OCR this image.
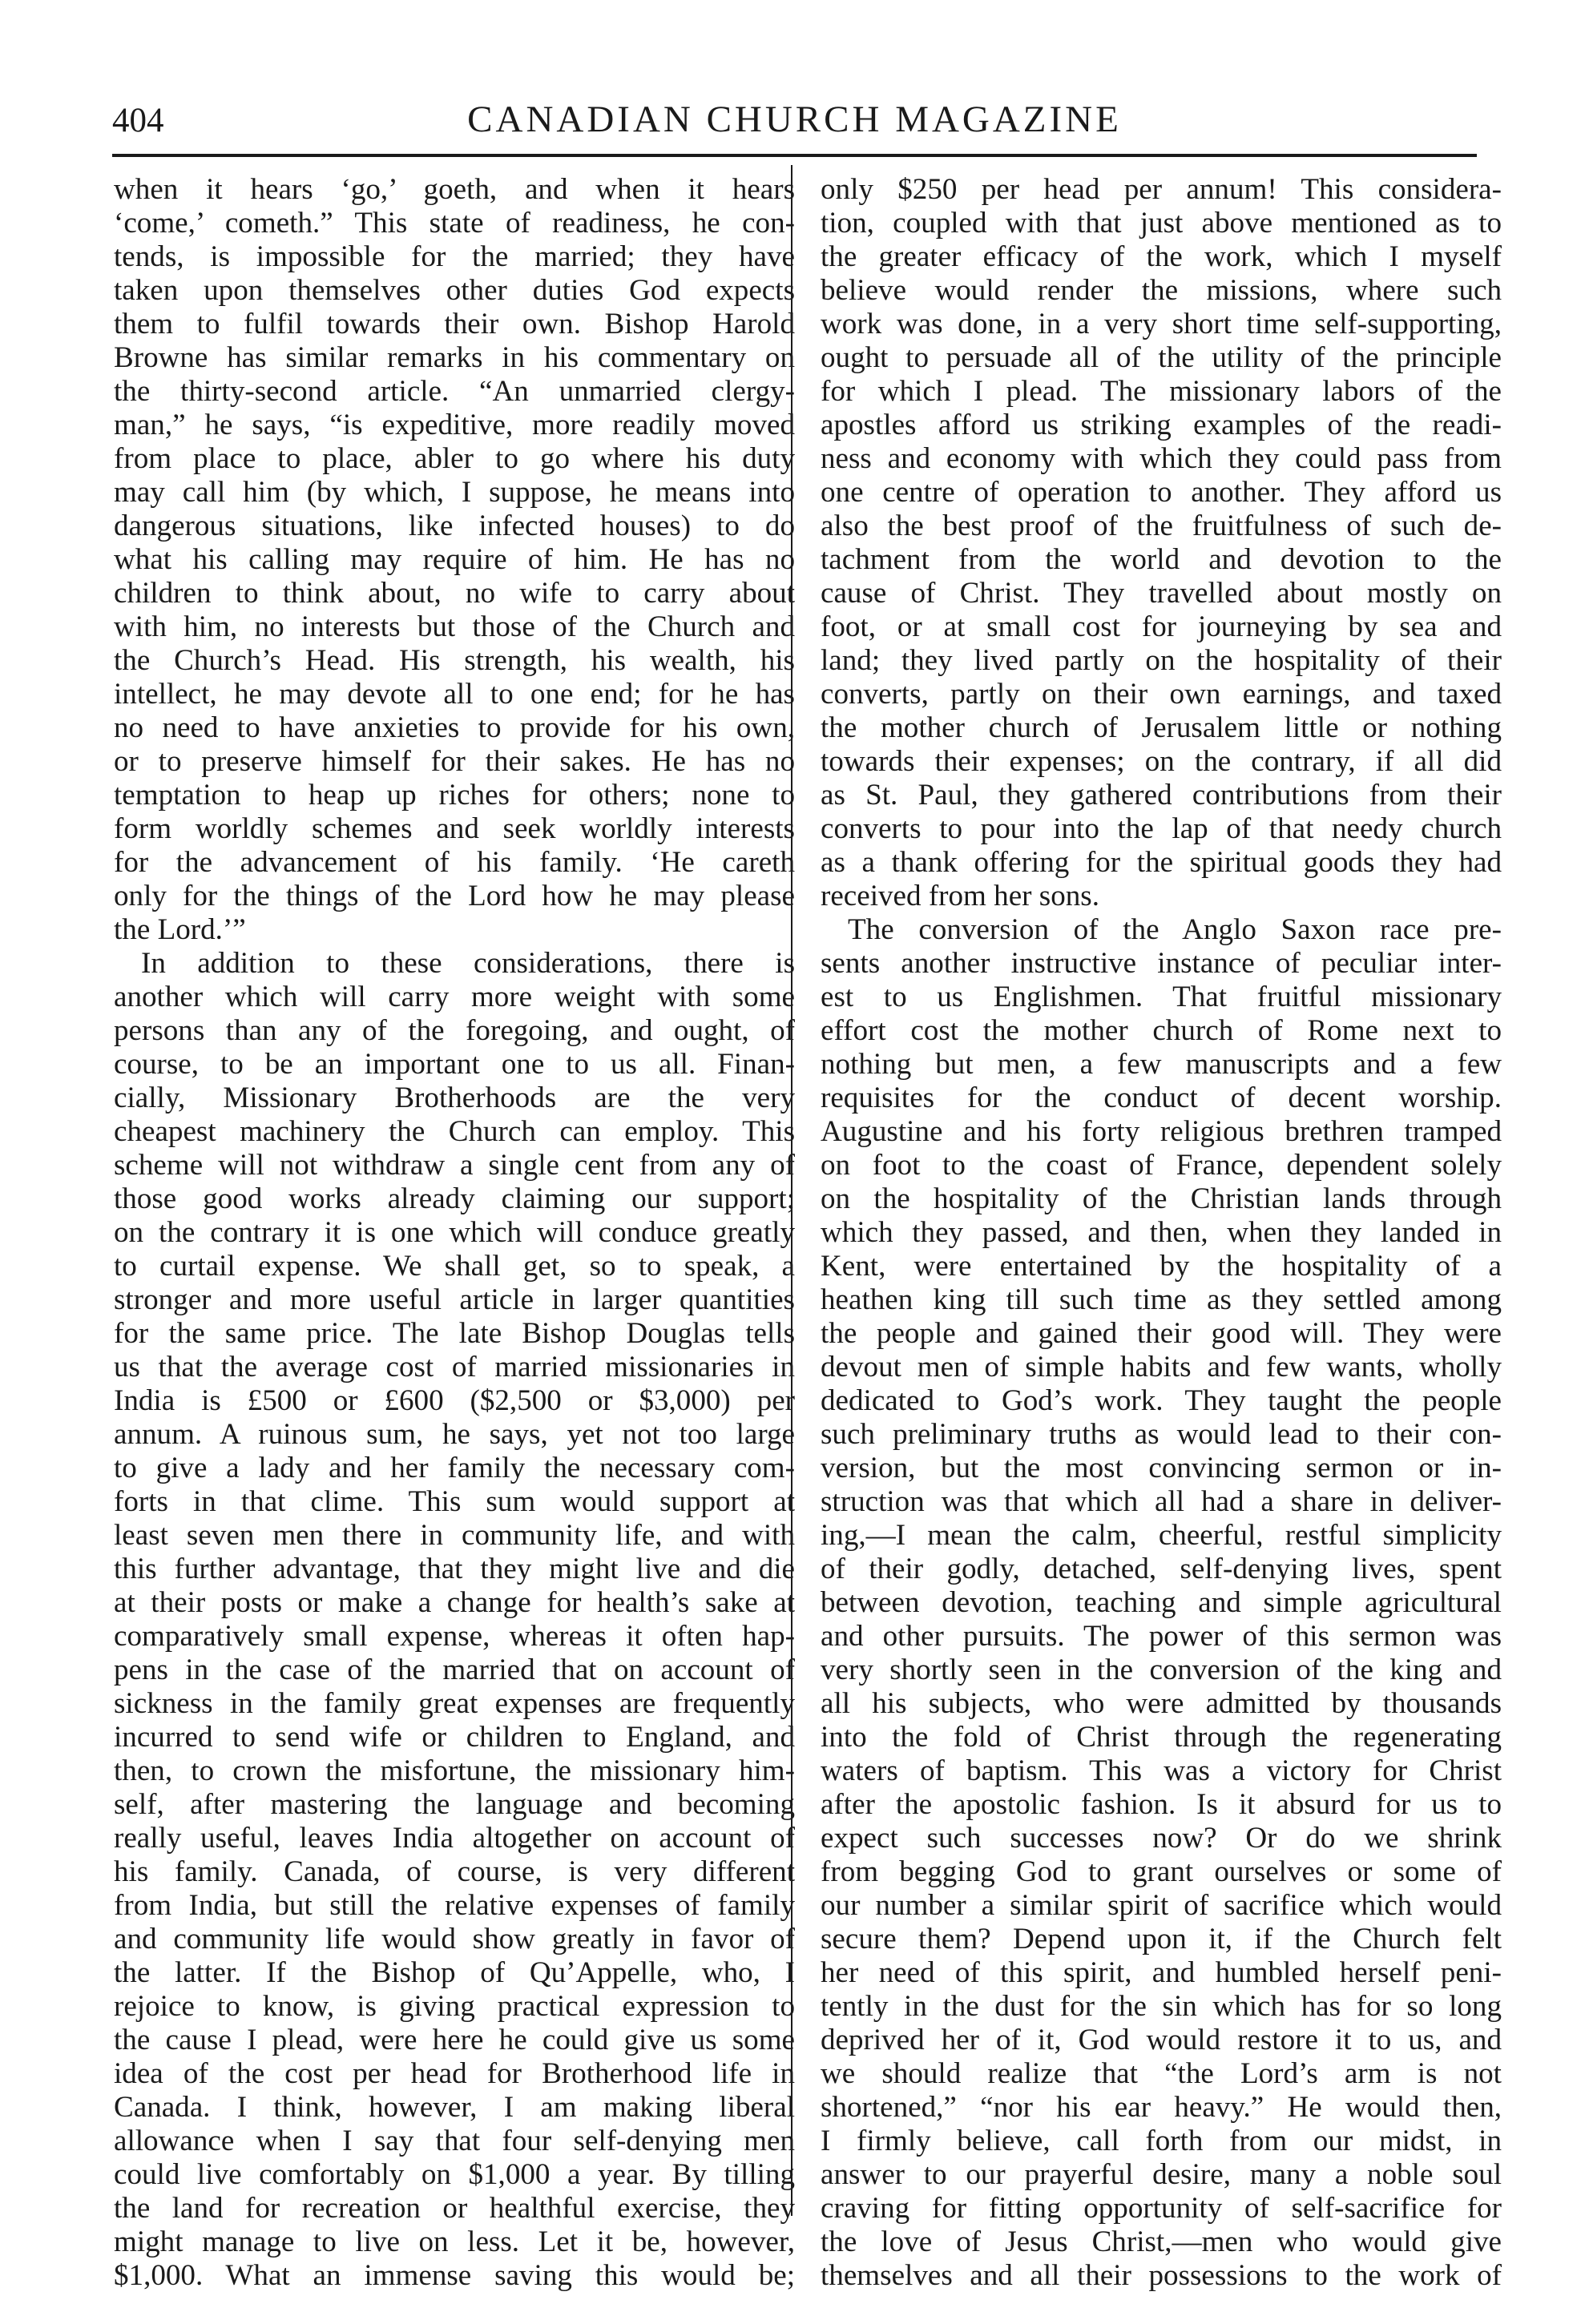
404	CANADIAN CHURCH MAGAZINE
when it hears ‘go,’ goeth, and when it hears
‘come,’ cometh.” This state of readiness, he con-
tends, is impossible for the married; they have
taken upon themselves other duties God expects
them to fulfil towards their own. Bishop Harold
Browne has similar remarks in his commentary on
the thirty-second article. “An unmarried clergy-
man,” he says, “is expeditive, more readily moved
from place to place, abler to go where his duty
may call him (by which, I suppose, he means into
dangerous situations, like infected houses) to do
what his calling may require of him. He has no
children to think about, no wife to carry about
with him, no interests but those of the Church and
the Church’s Head. His strength, his wealth, his
intellect, he may devote all to one end; for he has
no need to have anxieties to provide for his own,
or to preserve himself for their sakes. He has no
temptation to heap up riches for others; none to
form worldly schemes and seek worldly interests
for the advancement of his family. ‘He careth
only for the things of the Lord how he may please
the Lord.’”
In addition to these considerations, there is
another which will carry more weight with some
persons than any of the foregoing, and ought, of
course, to be an important one to us all. Finan-
cially, Missionary Brotherhoods are the very
cheapest machinery the Church can employ. This
scheme will not withdraw a single cent from any of
those good works already claiming our support;
on the contrary it is one which will conduce greatly
to curtail expense. We shall get, so to speak, a
stronger and more useful article in larger quantities
for the same price. The late Bishop Douglas tells
us that the average cost of married missionaries in
India is £500 or £600 ($2,500 or $3,000) per
annum. A ruinous sum, he says, yet not too large
to give a lady and her family the necessary com-
forts in that clime. This sum would support at
least seven men there in community life, and with
this further advantage, that they might live and die
at their posts or make a change for health’s sake at
comparatively small expense, whereas it often hap-
pens in the case of the married that on account of
sickness in the family great expenses are frequently
incurred to send wife or children to England, and
then, to crown the misfortune, the missionary him-
self, after mastering the language and becoming
really useful, leaves India altogether on account of
his family. Canada, of course, is very different
from India, but still the relative expenses of family
and community life would show greatly in favor of
the latter. If the Bishop of Qu’Appelle, who, I
rejoice to know, is giving practical expression to
the cause I plead, were here he could give us some
idea of the cost per head for Brotherhood life in
Canada. I think, however, I am making liberal
allowance when I say that four self-denying men
could live comfortably on $1,000 a year. By tilling
the land for recreation or healthful exercise, they
might manage to live on less. Let it be, however,
$1,000. What an immense saving this would be;
only $250 per head per annum! This considera-
tion, coupled with that just above mentioned as to
the greater efficacy of the work, which I myself
believe would render the missions, where such
work was done, in a very short time self-supporting,
ought to persuade all of the utility of the principle
for which I plead. The missionary labors of the
apostles afford us striking examples of the readi-
ness and economy with which they could pass from
one centre of operation to another. They afford us
also the best proof of the fruitfulness of such de-
tachment from the world and devotion to the
cause of Christ. They travelled about mostly on
foot, or at small cost for journeying by sea and
land; they lived partly on the hospitality of their
converts, partly on their own earnings, and taxed
the mother church of Jerusalem little or nothing
towards their expenses; on the contrary, if all did
as St. Paul, they gathered contributions from their
converts to pour into the lap of that needy church
as a thank offering for the spiritual goods they had
received from her sons.
The conversion of the Anglo Saxon race pre-
sents another instructive instance of peculiar inter-
est to us Englishmen. That fruitful missionary
effort cost the mother church of Rome next to
nothing but men, a few manuscripts and a few
requisites for the conduct of decent worship.
Augustine and his forty religious brethren tramped
on foot to the coast of France, dependent solely
on the hospitality of the Christian lands through
which they passed, and then, when they landed in
Kent, were entertained by the hospitality of a
heathen king till such time as they settled among
the people and gained their good will. They were
devout men of simple habits and few wants, wholly
dedicated to God’s work. They taught the people
such preliminary truths as would lead to their con-
version, but the most convincing sermon or in-
struction was that which all had a share in deliver-
ing,—I mean the calm, cheerful, restful simplicity
of their godly, detached, self-denying lives, spent
between devotion, teaching and simple agricultural
and other pursuits. The power of this sermon was
very shortly seen in the conversion of the king and
all his subjects, who were admitted by thousands
into the fold of Christ through the regenerating
waters of baptism. This was a victory for Christ
after the apostolic fashion. Is it absurd for us to
expect such successes now? Or do we shrink
from begging God to grant ourselves or some of
our number a similar spirit of sacrifice which would
secure them? Depend upon it, if the Church felt
her need of this spirit, and humbled herself peni-
tently in the dust for the sin which has for so long
deprived her of it, God would restore it to us, and
we should realize that “the Lord’s arm is not
shortened,” “nor his ear heavy.” He would then,
I firmly believe, call forth from our midst, in
answer to our prayerful desire, many a noble soul
craving for fitting opportunity of self-sacrifice for
the love of Jesus Christ,—men who would give
themselves and all their possessions to the work of
